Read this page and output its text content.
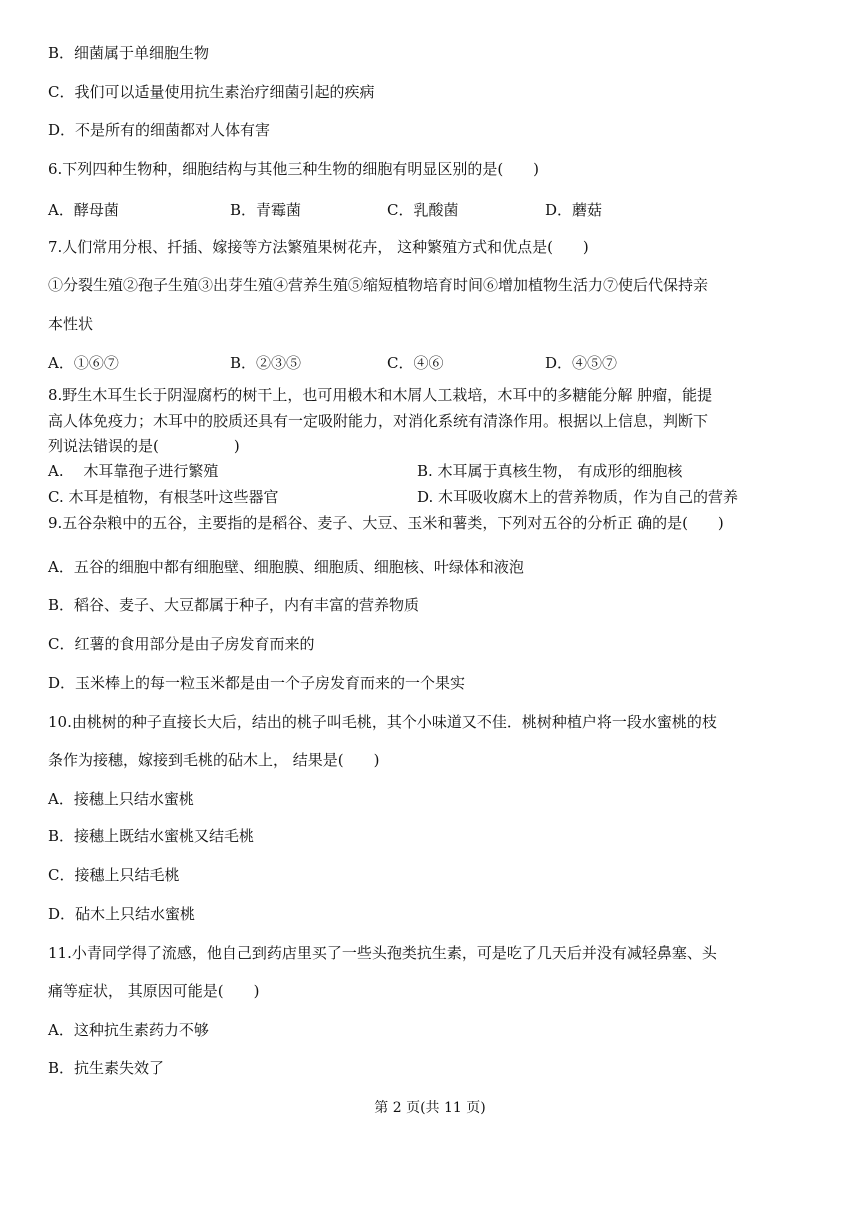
B．细菌属于单细胞生物
C．我们可以适量使用抗生素治疗细菌引起的疾病
D．不是所有的细菌都对人体有害
6.下列四种生物种，细胞结构与其他三种生物的细胞有明显区别的是(　　)
A．酵母菌	B．青霉菌	C．乳酸菌	D．蘑菇
7.人们常用分根、扦插、嫁接等方法繁殖果树花卉， 这种繁殖方式和优点是(　　)
①分裂生殖②孢子生殖③出芽生殖④营养生殖⑤缩短植物培育时间⑥增加植物生活力⑦使后代保持亲
本性状
A．①⑥⑦	B．②③⑤	C．④⑥	D．④⑤⑦
8.野生木耳生长于阴湿腐朽的树干上，也可用椴木和木屑人工栽培，木耳中的多糖能分解 肿瘤，能提
高人体免疫力；木耳中的胶质还具有一定吸附能力，对消化系统有清涤作用。根据以上信息，判断下
列说法错误的是(　　　　　)
A.　 木耳靠孢子进行繁殖	B. 木耳属于真核生物， 有成形的细胞核
C. 木耳是植物，有根茎叶这些器官	D. 木耳吸收腐木上的营养物质，作为自己的营养
9.五谷杂粮中的五谷，主要指的是稻谷、麦子、大豆、玉米和薯类，下列对五谷的分析正 确的是(　　)
A．五谷的细胞中都有细胞壁、细胞膜、细胞质、细胞核、叶绿体和液泡
B．稻谷、麦子、大豆都属于种子，内有丰富的营养物质
C．红薯的食用部分是由子房发育而来的
D．玉米棒上的每一粒玉米都是由一个子房发育而来的一个果实
10.由桃树的种子直接长大后，结出的桃子叫毛桃，其个小味道又不佳．桃树种植户将一段水蜜桃的枝
条作为接穗，嫁接到毛桃的砧木上， 结果是(　　)
A．接穗上只结水蜜桃
B．接穗上既结水蜜桃又结毛桃
C．接穗上只结毛桃
D．砧木上只结水蜜桃
11.小青同学得了流感，他自己到药店里买了一些头孢类抗生素，可是吃了几天后并没有减轻鼻塞、头
痛等症状， 其原因可能是(　　)
A．这种抗生素药力不够
B．抗生素失效了
第 2 页(共 11 页)
